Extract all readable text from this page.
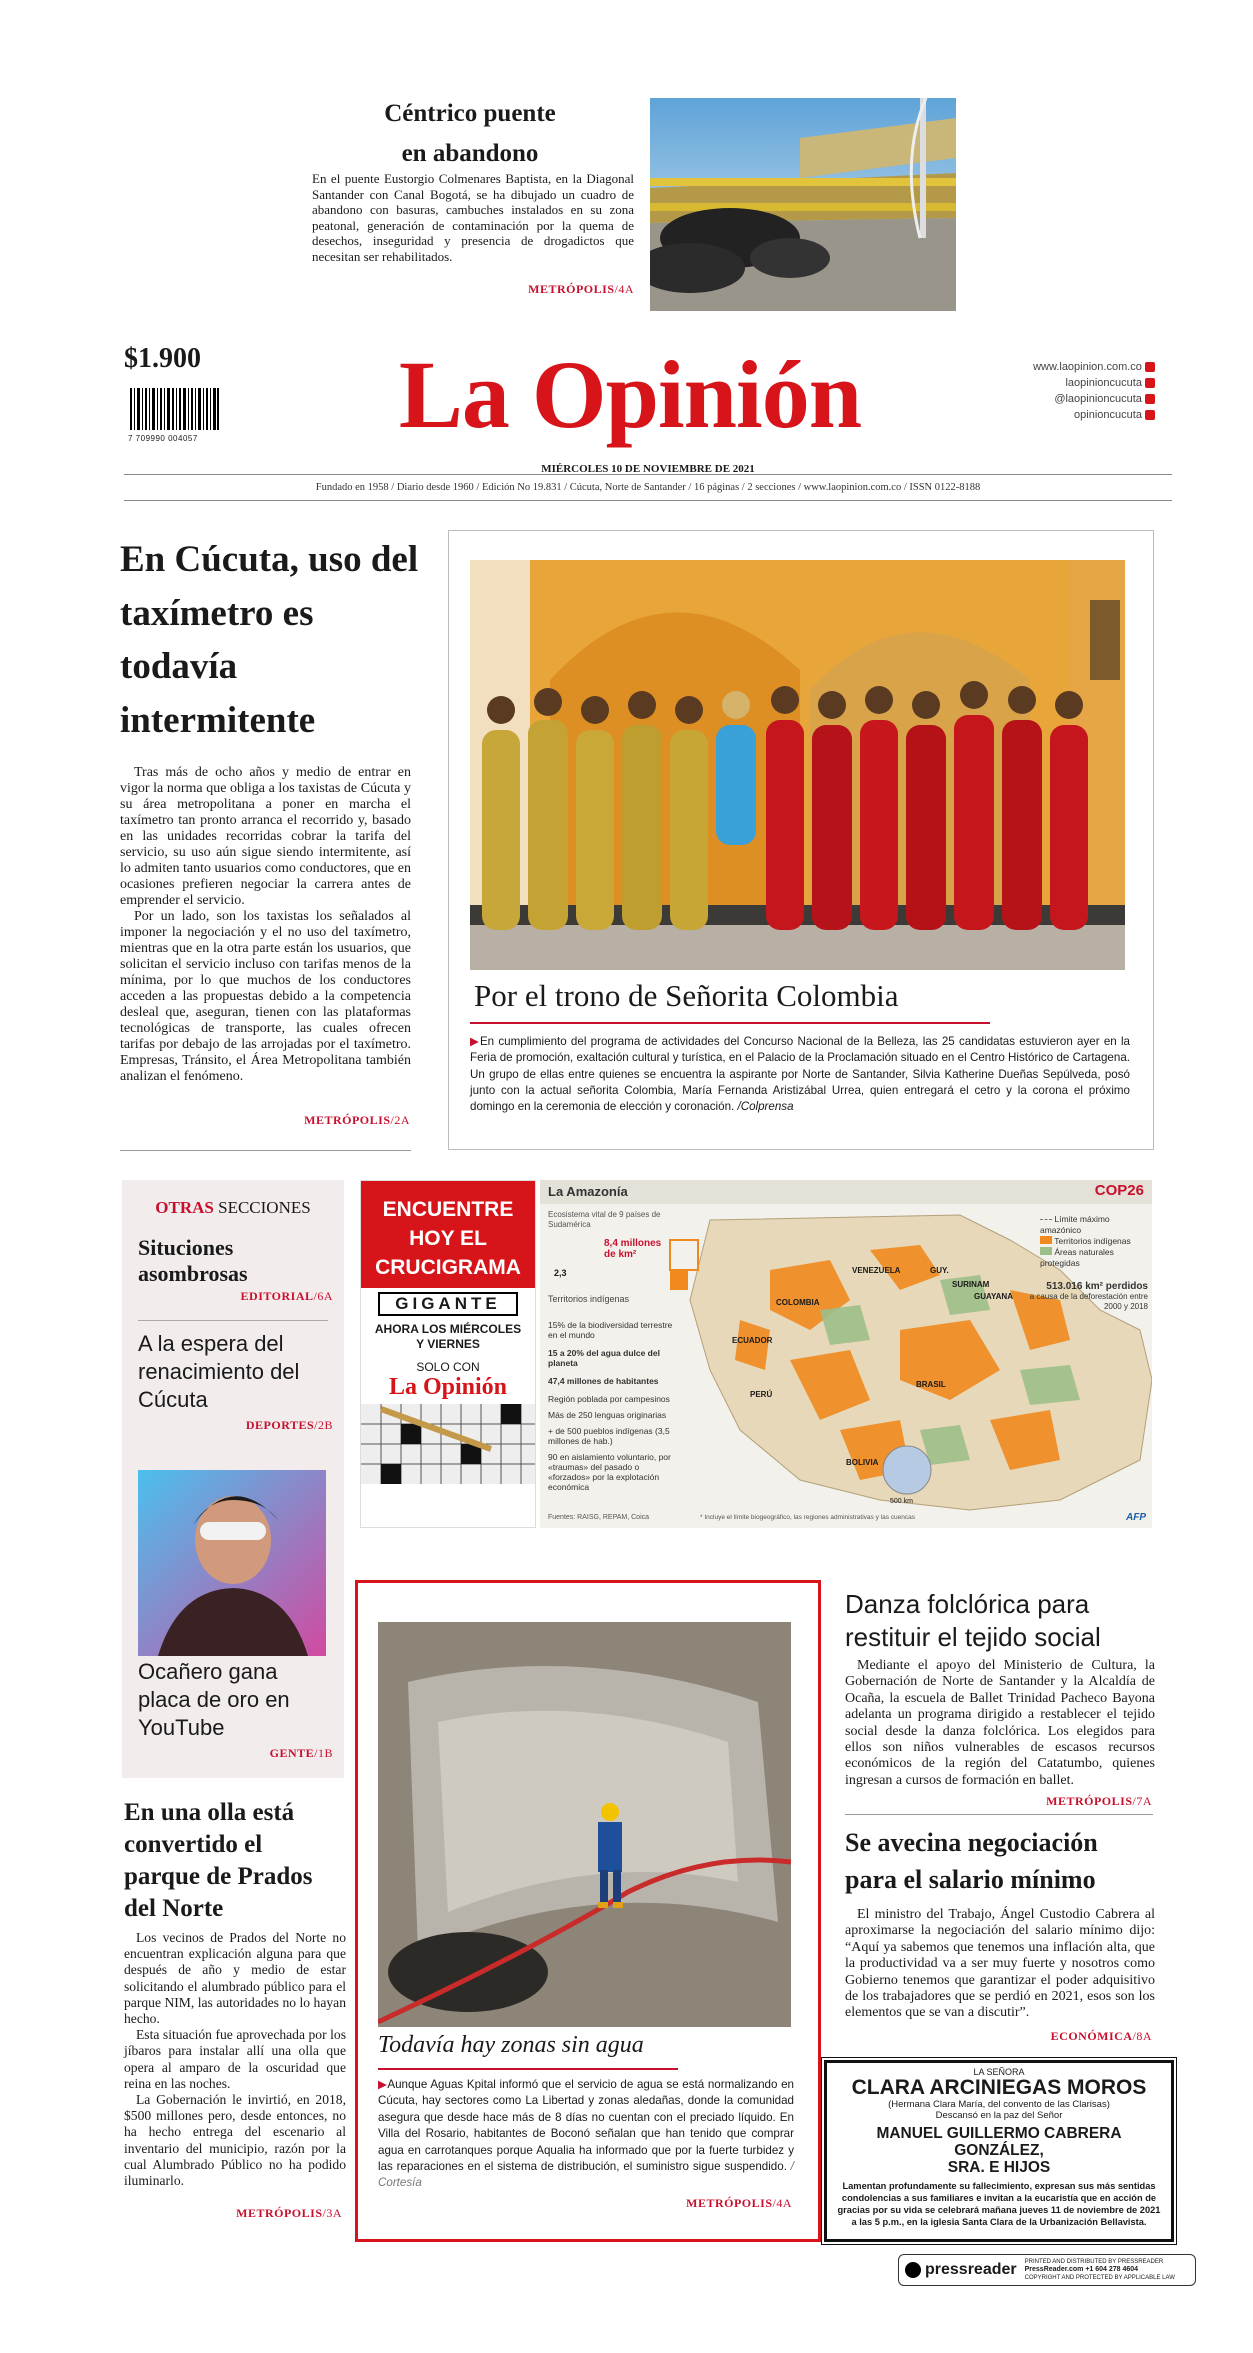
Céntrico puente
en abandono
En el puente Eustorgio Colmenares Baptista, en la Diagonal Santander con Canal Bogotá, se ha dibujado un cuadro de abandono con basuras, cambuches instalados en su zona peatonal, generación de contaminación por la quema de desechos, inseguridad y presencia de drogadictos que necesitan ser rehabilitados.
METRÓPOLIS/4A
$1.900
7 709990 004057	La Opinión	www.laopinion.com.co
laopinioncucuta
@laopinioncucuta
opinioncucuta
MIÉRCOLES 10 DE NOVIEMBRE DE 2021
Fundado en 1958 / Diario desde 1960 / Edición No 19.831 / Cúcuta, Norte de Santander / 16 páginas / 2 secciones / www.laopinion.com.co / ISSN 0122-8188
En Cúcuta, uso del taxímetro es todavía intermitente

Tras más de ocho años y medio de entrar en vigor la norma que obliga a los taxistas de Cúcuta y su área metropolitana a poner en marcha el taxímetro tan pronto arranca el recorrido y, basado en las unidades recorridas cobrar la tarifa del servicio, su uso aún sigue siendo intermitente, así lo admiten tanto usuarios como conductores, que en ocasiones prefieren negociar la carrera antes de emprender el servicio.

Por un lado, son los taxistas los señalados al imponer la negociación y el no uso del taxímetro, mientras que en la otra parte están los usuarios, que solicitan el servicio incluso con tarifas menos de la mínima, por lo que muchos de los conductores acceden a las propuestas debido a la competencia desleal que, aseguran, tienen con las plataformas tecnológicas de transporte, las cuales ofrecen tarifas por debajo de las arrojadas por el taxímetro. Empresas, Tránsito, el Área Metropolitana también analizan el fenómeno.

METRÓPOLIS/2A
Por el trono de Señorita Colombia
▶En cumplimiento del programa de actividades del Concurso Nacional de la Belleza, las 25 candidatas estuvieron ayer en la Feria de promoción, exaltación cultural y turística, en el Palacio de la Proclamación situado en el Centro Histórico de Cartagena. Un grupo de ellas entre quienes se encuentra la aspirante por Norte de Santander, Silvia Katherine Dueñas Sepúlveda, posó junto con la actual señorita Colombia, María Fernanda Aristizábal Urrea, quien entregará el cetro y la corona el próximo domingo en la ceremonia de elección y coronación. /Colprensa
OTRAS SECCIONES
Situciones asombrosas
EDITORIAL/6A
A la espera del renacimiento del Cúcuta
DEPORTES/2B
Ocañero gana placa de oro en YouTube
GENTE/1B
ENCUENTRE
HOY EL
CRUCIGRAMA
GIGANTE
AHORA LOS MIÉRCOLES
Y VIERNES
SOLO CON
La Opinión
La Amazonía	COP26
Ecosistema vital de 9 países de Sudamérica
8,4 millones de km²
2,3
Territorios indígenas
15% de la biodiversidad terrestre en el mundo
15 a 20% del agua dulce del planeta
47,4 millones de habitantes
Región poblada por campesinos
Más de 250 lenguas originarias
+ de 500 pueblos indígenas (3,5 millones de hab.)
90 en aislamiento voluntario, por «traumas» del pasado o «forzados» por la explotación económica
Límite máximo amazónico
Territorios indígenas
Áreas naturales protegidas
513.016 km² perdidos
a causa de la deforestación entre 2000 y 2018
VENEZUELA	GUY.
SURINAM
GUAYANA
COLOMBIA
ECUADOR
PERÚ
BRASIL
BOLIVIA
500 km
Fuentes: RAISG, REPAM, Coica	* Incluye el límite biogeográfico, las regiones administrativas y las cuencas	AFP
Todavía hay zonas sin agua
▶Aunque Aguas Kpital informó que el servicio de agua se está normalizando en Cúcuta, hay sectores como La Libertad y zonas aledañas, donde la comunidad asegura que desde hace más de 8 días no cuentan con el preciado líquido. En Villa del Rosario, habitantes de Boconó señalan que han tenido que comprar agua en carrotanques porque Aqualia ha informado que por la fuerte turbidez y las reparaciones en el sistema de distribución, el suministro sigue suspendido. / Cortesía
METRÓPOLIS/4A
En una olla está convertido el parque de Prados del Norte

Los vecinos de Prados del Norte no encuentran explicación alguna para que después de año y medio de estar solicitando el alumbrado público para el parque NIM, las autoridades no lo hayan hecho.

Esta situación fue aprovechada por los jíbaros para instalar allí una olla que opera al amparo de la oscuridad que reina en las noches.

La Gobernación le invirtió, en 2018, $500 millones pero, desde entonces, no ha hecho entrega del escenario al inventario del municipio, razón por la cual Alumbrado Público no ha podido iluminarlo.

METRÓPOLIS/3A
Danza folclórica para restituir el tejido social
Mediante el apoyo del Ministerio de Cultura, la Gobernación de Norte de Santander y la Alcaldía de Ocaña, la escuela de Ballet Trinidad Pacheco Bayona adelanta un programa dirigido a restablecer el tejido social desde la danza folclórica. Los elegidos para ellos son niños vulnerables de escasos recursos económicos de la región del Catatumbo, quienes ingresan a cursos de formación en ballet.
METRÓPOLIS/7A
Se avecina negociación para el salario mínimo
El ministro del Trabajo, Ángel Custodio Cabrera al aproximarse la negociación del salario mínimo dijo: “Aquí ya sabemos que tenemos una inflación alta, que la productividad va a ser muy fuerte y nosotros como Gobierno tenemos que garantizar el poder adquisitivo de los trabajadores que se perdió en 2021, esos son los elementos que se van a discutir”.
ECONÓMICA/8A
LA SEÑORA
CLARA ARCINIEGAS MOROS
(Hermana Clara María, del convento de las Clarisas)
Descansó en la paz del Señor
MANUEL GUILLERMO CABRERA GONZÁLEZ,
SRA. E HIJOS
Lamentan profundamente su fallecimiento, expresan sus más sentidas condolencias a sus familiares e invitan a la eucaristía que en acción de gracias por su vida se celebrará mañana jueves 11 de noviembre de 2021 a las 5 p.m., en la iglesia Santa Clara de la Urbanización Bellavista.
pressreader PRINTED AND DISTRIBUTED BY PRESSREADER
PressReader.com +1 604 278 4604
COPYRIGHT AND PROTECTED BY APPLICABLE LAW
